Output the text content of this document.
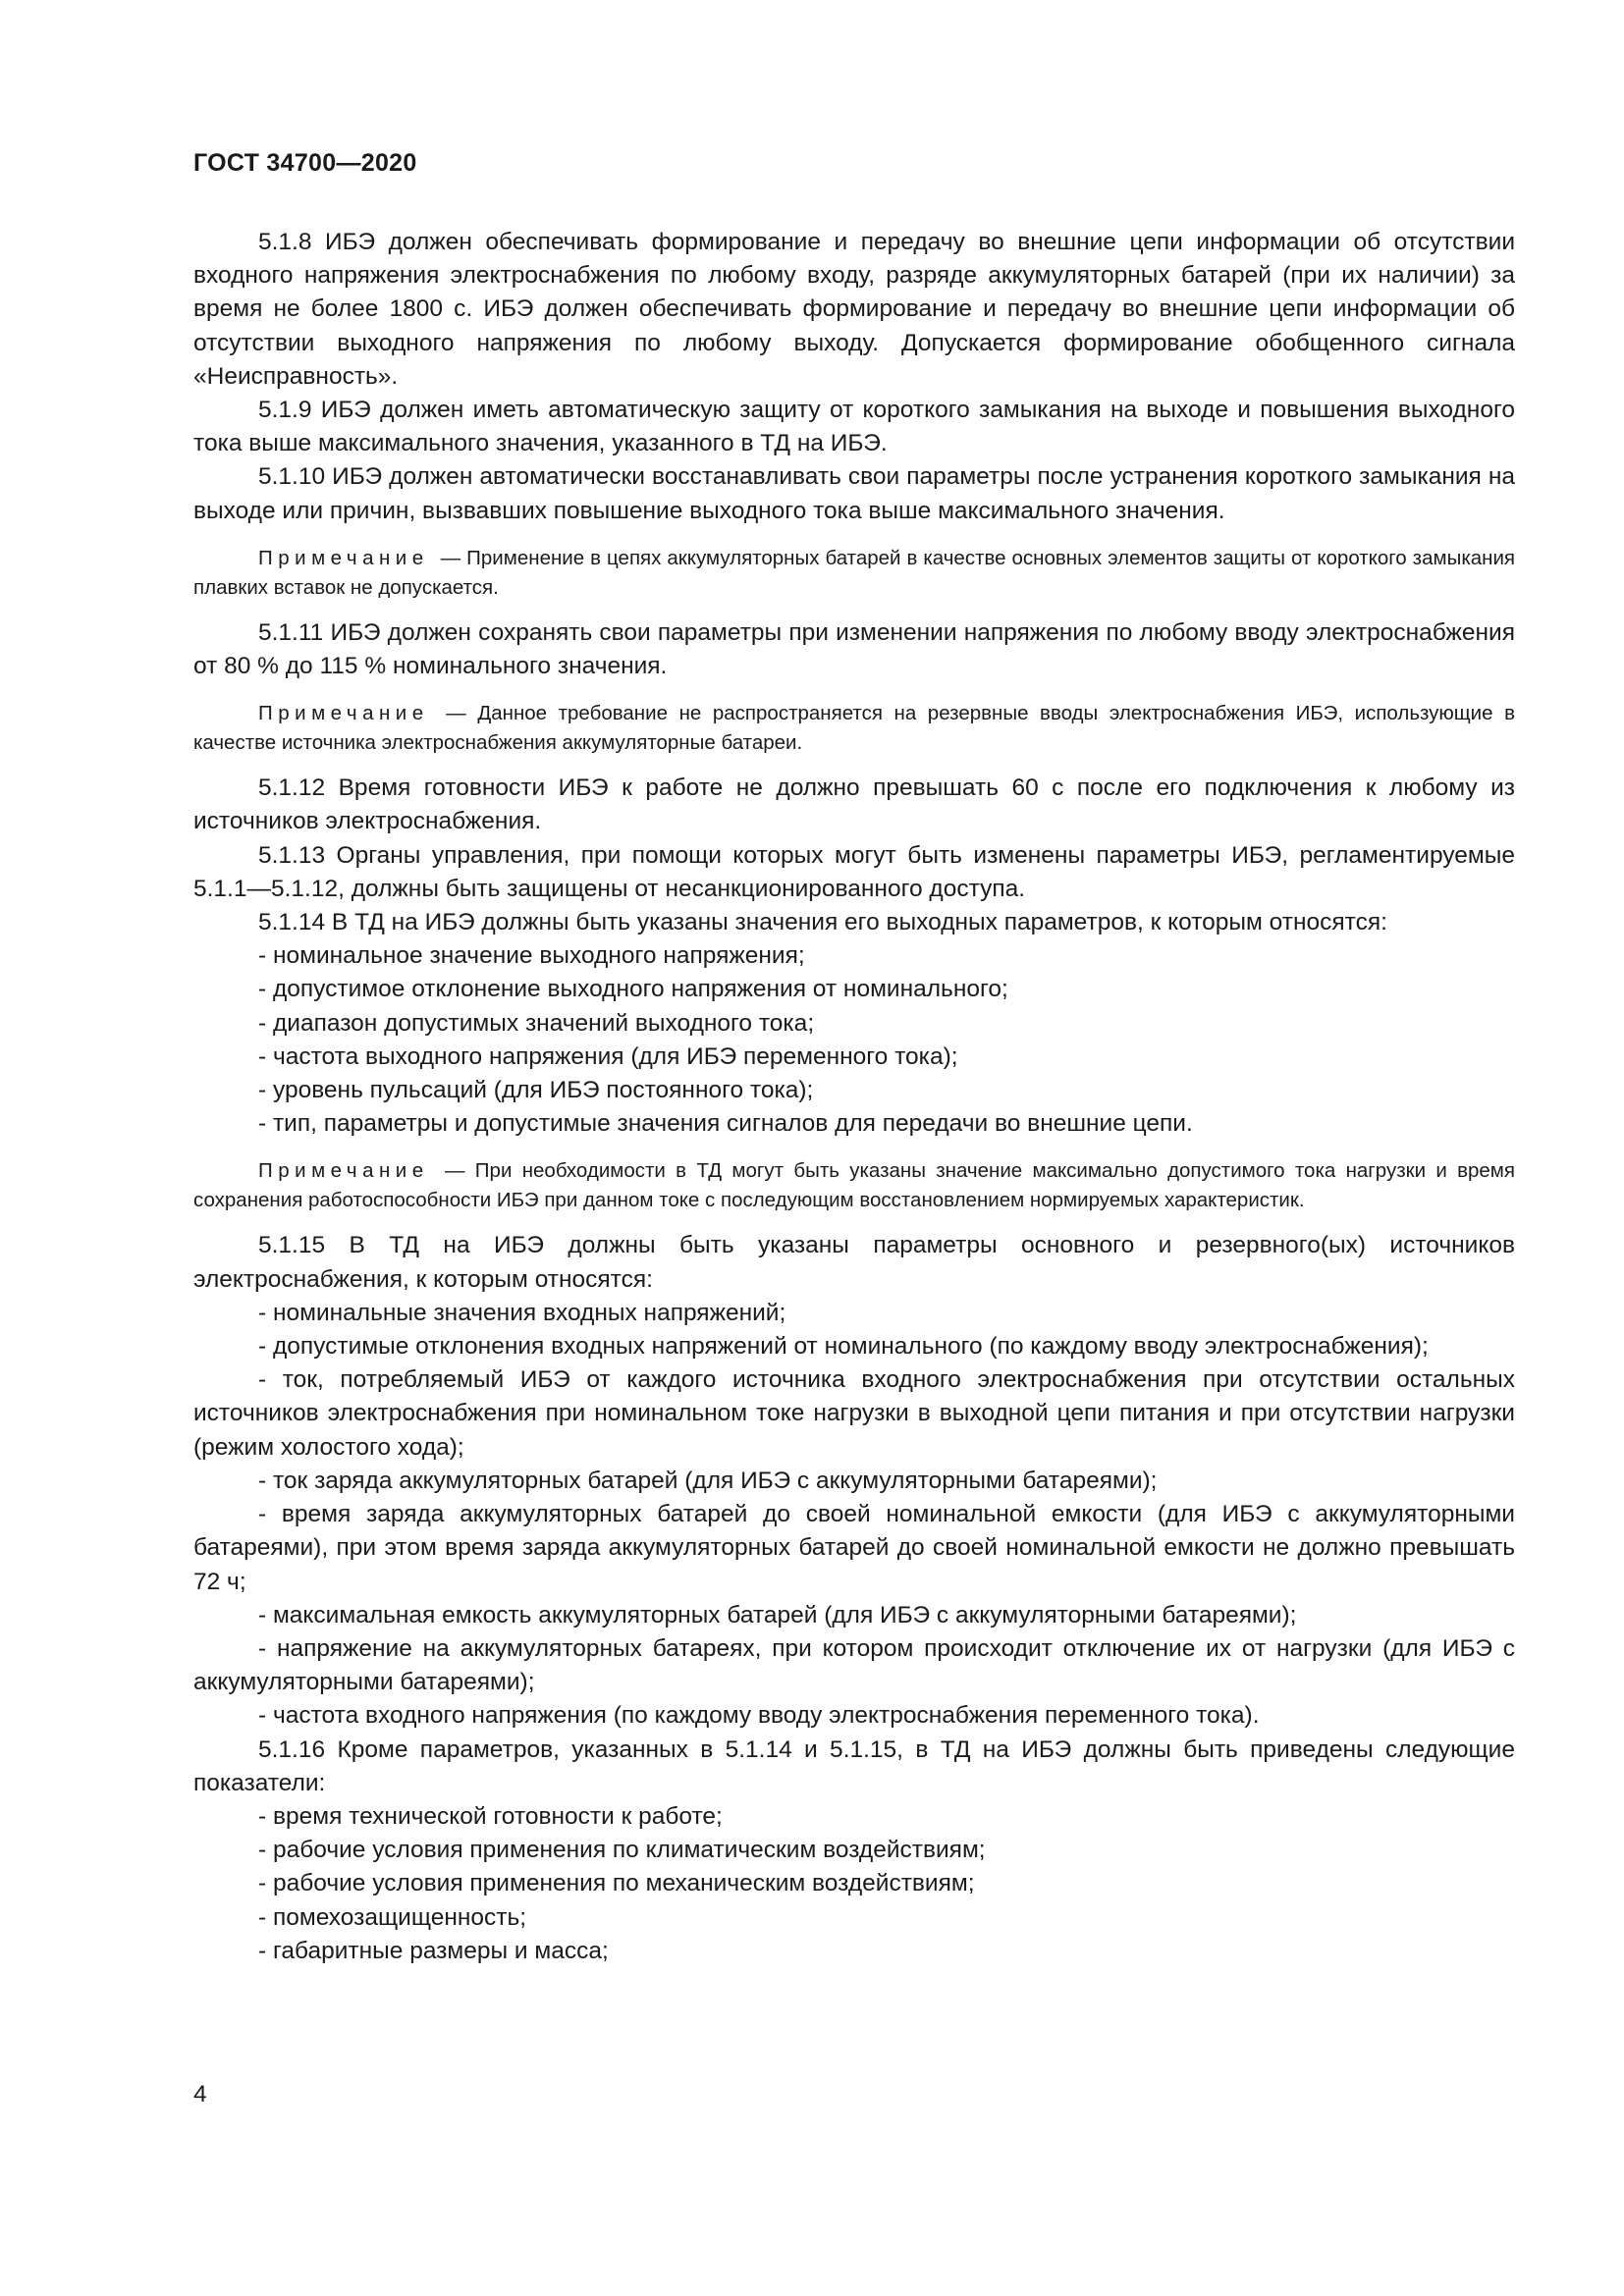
ГОСТ 34700—2020

5.1.8 ИБЭ должен обеспечивать формирование и передачу во внешние цепи информации об отсутствии входного напряжения электроснабжения по любому входу, разряде аккумуляторных батарей (при их наличии) за время не более 1800 с. ИБЭ должен обеспечивать формирование и передачу во внешние цепи информации об отсутствии выходного напряжения по любому выходу. Допускается формирование обобщенного сигнала «Неисправность».

5.1.9 ИБЭ должен иметь автоматическую защиту от короткого замыкания на выходе и повышения выходного тока выше максимального значения, указанного в ТД на ИБЭ.

5.1.10 ИБЭ должен автоматически восстанавливать свои параметры после устранения короткого замыкания на выходе или причин, вызвавших повышение выходного тока выше максимального значения.

Примечание — Применение в цепях аккумуляторных батарей в качестве основных элементов защиты от короткого замыкания плавких вставок не допускается.

5.1.11 ИБЭ должен сохранять свои параметры при изменении напряжения по любому вводу электроснабжения от 80 % до 115 % номинального значения.

Примечание — Данное требование не распространяется на резервные вводы электроснабжения ИБЭ, использующие в качестве источника электроснабжения аккумуляторные батареи.

5.1.12 Время готовности ИБЭ к работе не должно превышать 60 с после его подключения к любому из источников электроснабжения.

5.1.13 Органы управления, при помощи которых могут быть изменены параметры ИБЭ, регламентируемые 5.1.1—5.1.12, должны быть защищены от несанкционированного доступа.

5.1.14 В ТД на ИБЭ должны быть указаны значения его выходных параметров, к которым относятся:

- номинальное значение выходного напряжения;
- допустимое отклонение выходного напряжения от номинального;
- диапазон допустимых значений выходного тока;
- частота выходного напряжения (для ИБЭ переменного тока);
- уровень пульсаций (для ИБЭ постоянного тока);
- тип, параметры и допустимые значения сигналов для передачи во внешние цепи.
Примечание — При необходимости в ТД могут быть указаны значение максимально допустимого тока нагрузки и время сохранения работоспособности ИБЭ при данном токе с последующим восстановлением нормируемых характеристик.

5.1.15 В ТД на ИБЭ должны быть указаны параметры основного и резервного(ых) источников электроснабжения, к которым относятся:

- номинальные значения входных напряжений;
- допустимые отклонения входных напряжений от номинального (по каждому вводу электроснабжения);
- ток, потребляемый ИБЭ от каждого источника входного электроснабжения при отсутствии остальных источников электроснабжения при номинальном токе нагрузки в выходной цепи питания и при отсутствии нагрузки (режим холостого хода);
- ток заряда аккумуляторных батарей (для ИБЭ с аккумуляторными батареями);
- время заряда аккумуляторных батарей до своей номинальной емкости (для ИБЭ с аккумуляторными батареями), при этом время заряда аккумуляторных батарей до своей номинальной емкости не должно превышать 72 ч;
- максимальная емкость аккумуляторных батарей (для ИБЭ с аккумуляторными батареями);
- напряжение на аккумуляторных батареях, при котором происходит отключение их от нагрузки (для ИБЭ с аккумуляторными батареями);
- частота входного напряжения (по каждому вводу электроснабжения переменного тока).

5.1.16 Кроме параметров, указанных в 5.1.14 и 5.1.15, в ТД на ИБЭ должны быть приведены следующие показатели:

- время технической готовности к работе;
- рабочие условия применения по климатическим воздействиям;
- рабочие условия применения по механическим воздействиям;
- помехозащищенность;
- габаритные размеры и масса;
4
